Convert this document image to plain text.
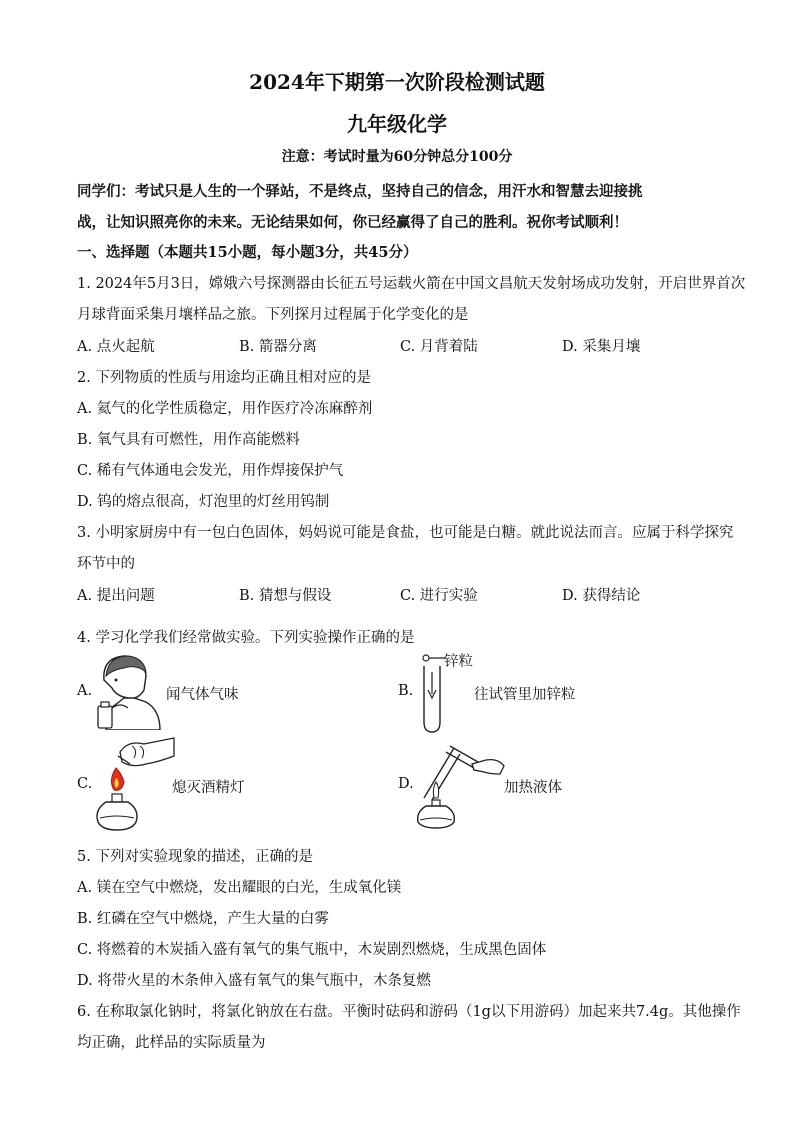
2024年下期第一次阶段检测试题
九年级化学
注意：考试时量为60分钟总分100分
同学们：考试只是人生的一个驿站，不是终点，坚持自己的信念，用汗水和智慧去迎接挑
战，让知识照亮你的未来。无论结果如何，你已经赢得了自己的胜利。祝你考试顺利！
一、选择题（本题共15小题，每小题3分，共45分）
1. 2024年5月3日，嫦娥六号探测器由长征五号运载火箭在中国文昌航天发射场成功发射，开启世界首次
月球背面采集月壤样品之旅。下列探月过程属于化学变化的是
A. 点火起航	B. 箭器分离	C. 月背着陆	D. 采集月壤
2. 下列物质的性质与用途均正确且相对应的是
A. 氦气的化学性质稳定，用作医疗冷冻麻醉剂
B. 氧气具有可燃性，用作高能燃料
C. 稀有气体通电会发光，用作焊接保护气
D. 钨的熔点很高，灯泡里的灯丝用钨制
3. 小明家厨房中有一包白色固体，妈妈说可能是食盐，也可能是白糖。就此说法而言。应属于科学探究
环节中的
A. 提出问题	B. 猜想与假设	C. 进行实验	D. 获得结论
4. 学习化学我们经常做实验。下列实验操作正确的是
A.	闻气体气味	B.
锌粒
往试管里加锌粒
C.	熄灭酒精灯	D.	加热液体
5. 下列对实验现象的描述，正确的是
A. 镁在空气中燃烧，发出耀眼的白光，生成氧化镁
B. 红磷在空气中燃烧，产生大量的白雾
C. 将燃着的木炭插入盛有氧气的集气瓶中，木炭剧烈燃烧，生成黑色固体
D. 将带火星的木条伸入盛有氧气的集气瓶中，木条复燃
6. 在称取氯化钠时，将氯化钠放在右盘。平衡时砝码和游码（1g以下用游码）加起来共7.4g。其他操作
均正确，此样品的实际质量为
